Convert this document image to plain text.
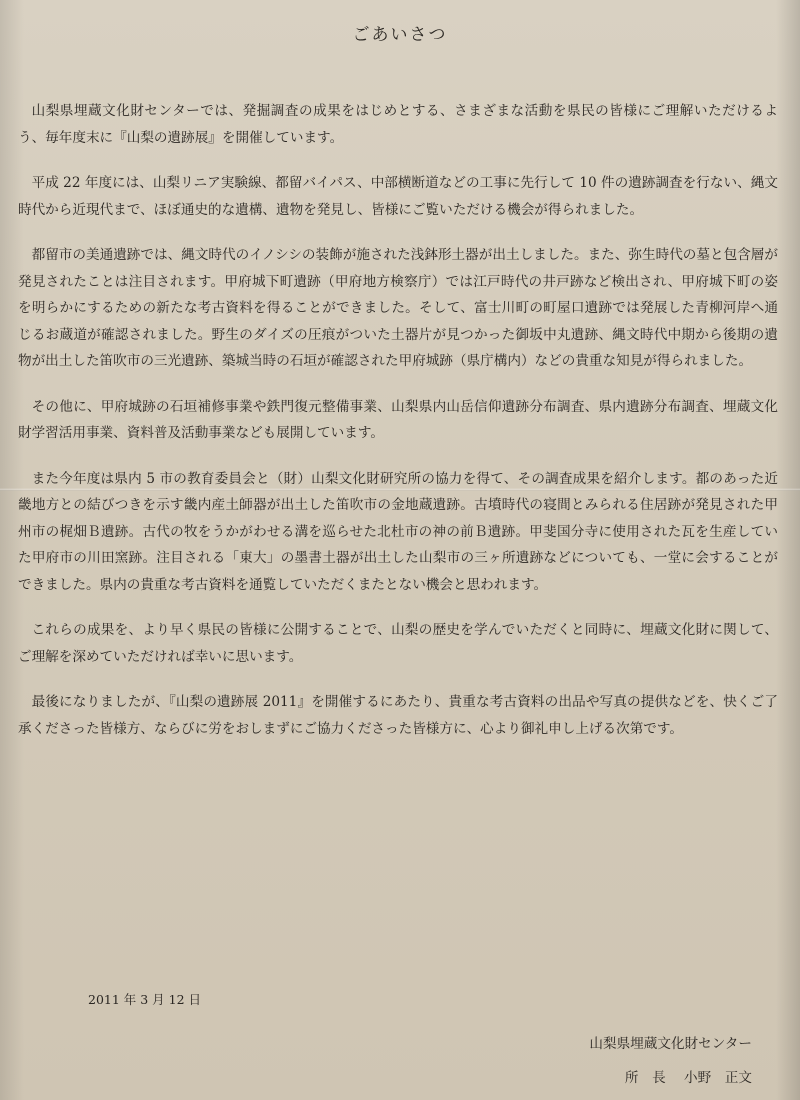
ごあいさつ

山梨県埋蔵文化財センターでは、発掘調査の成果をはじめとする、さまざまな活動を県民の皆様にご理解いただけるよう、毎年度末に『山梨の遺跡展』を開催しています。

平成 22 年度には、山梨リニア実験線、都留バイパス、中部横断道などの工事に先行して 10 件の遺跡調査を行ない、縄文時代から近現代まで、ほぼ通史的な遺構、遺物を発見し、皆様にご覧いただける機会が得られました。

都留市の美通遺跡では、縄文時代のイノシシの装飾が施された浅鉢形土器が出土しました。また、弥生時代の墓と包含層が発見されたことは注目されます。甲府城下町遺跡（甲府地方検察庁）では江戸時代の井戸跡など検出され、甲府城下町の姿を明らかにするための新たな考古資料を得ることができました。そして、富士川町の町屋口遺跡では発展した青柳河岸へ通じるお蔵道が確認されました。野生のダイズの圧痕がついた土器片が見つかった御坂中丸遺跡、縄文時代中期から後期の遺物が出土した笛吹市の三光遺跡、築城当時の石垣が確認された甲府城跡（県庁構内）などの貴重な知見が得られました。

その他に、甲府城跡の石垣補修事業や鉄門復元整備事業、山梨県内山岳信仰遺跡分布調査、県内遺跡分布調査、埋蔵文化財学習活用事業、資料普及活動事業なども展開しています。

また今年度は県内 5 市の教育委員会と（財）山梨文化財研究所の協力を得て、その調査成果を紹介します。都のあった近畿地方との結びつきを示す畿内産土師器が出土した笛吹市の金地蔵遺跡。古墳時代の寝間とみられる住居跡が発見された甲州市の梶畑Ｂ遺跡。古代の牧をうかがわせる溝を巡らせた北杜市の神の前Ｂ遺跡。甲斐国分寺に使用された瓦を生産していた甲府市の川田窯跡。注目される「東大」の墨書土器が出土した山梨市の三ヶ所遺跡などについても、一堂に会することができました。県内の貴重な考古資料を通覧していただくまたとない機会と思われます。

これらの成果を、より早く県民の皆様に公開することで、山梨の歴史を学んでいただくと同時に、埋蔵文化財に関して、ご理解を深めていただければ幸いに思います。

最後になりましたが、『山梨の遺跡展 2011』を開催するにあたり、貴重な考古資料の出品や写真の提供などを、快くご了承くださった皆様方、ならびに労をおしまずにご協力くださった皆様方に、心より御礼申し上げる次第です。

2011 年 3 月 12 日
山梨県埋蔵文化財センター
所　長 小野　正文
